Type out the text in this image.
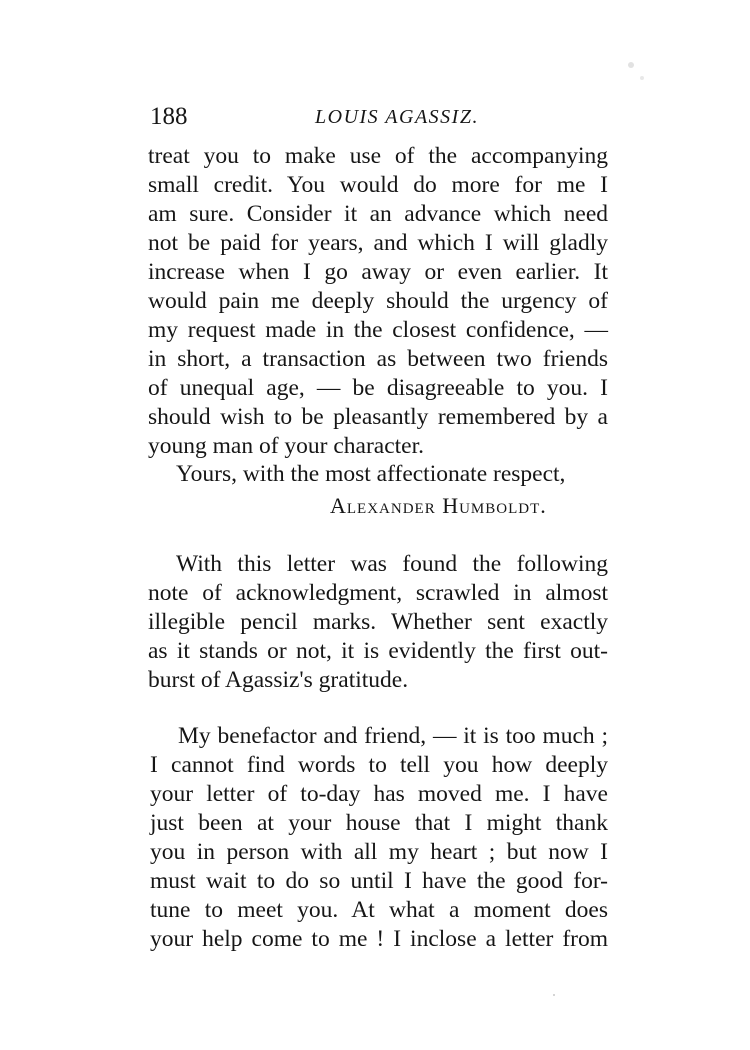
188	LOUIS AGASSIZ.
treat you to make use of the accompanying
small credit. You would do more for me I
am sure. Consider it an advance which need
not be paid for years, and which I will gladly
increase when I go away or even earlier. It
would pain me deeply should the urgency of
my request made in the closest confidence, —
in short, a transaction as between two friends
of unequal age, — be disagreeable to you. I
should wish to be pleasantly remembered by a
young man of your character.
Yours, with the most affectionate respect,
Alexander Humboldt.
With this letter was found the following
note of acknowledgment, scrawled in almost
illegible pencil marks. Whether sent exactly
as it stands or not, it is evidently the first out-
burst of Agassiz's gratitude.
My benefactor and friend, — it is too much ;
I cannot find words to tell you how deeply
your letter of to-day has moved me. I have
just been at your house that I might thank
you in person with all my heart ; but now I
must wait to do so until I have the good for-
tune to meet you. At what a moment does
your help come to me ! I inclose a letter from
